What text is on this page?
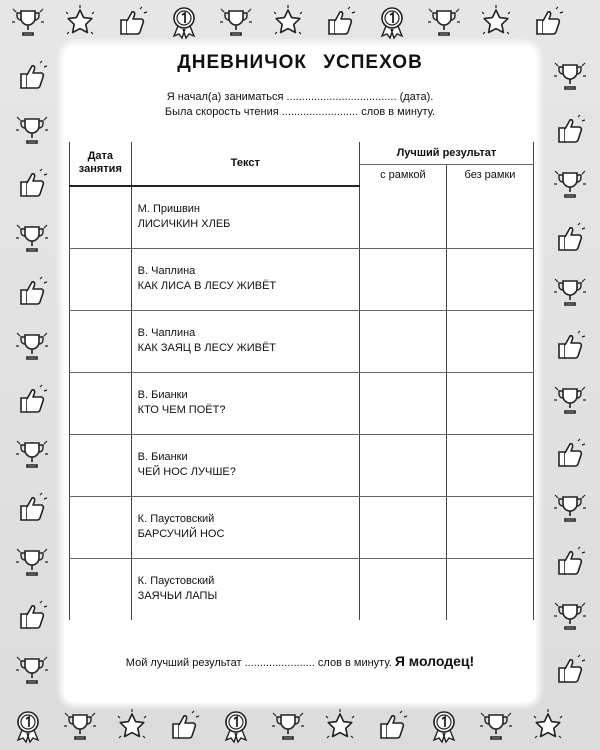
ДНЕВНИЧОК УСПЕХОВ
Я начал(а) заниматься .................................... (дата).
Была скорость чтения ......................... слов в минуту.
Дата занятия	Текст	Лучший результат	
		с рамкой	без рамки

	М. Пришвин
ЛИСИЧКИН ХЛЕБ		

	В. Чаплина
КАК ЛИСА В ЛЕСУ ЖИВЁТ		

	В. Чаплина
КАК ЗАЯЦ В ЛЕСУ ЖИВЁТ		

	В. Бианки
КТО ЧЕМ ПОЁТ?		

	В. Бианки
ЧЕЙ НОС ЛУЧШЕ?		

	К. Паустовский
БАРСУЧИЙ НОС		

	К. Паустовский
ЗАЯЧЬИ ЛАПЫ		

Мой лучший результат ....................... слов в минуту. Я молодец!
